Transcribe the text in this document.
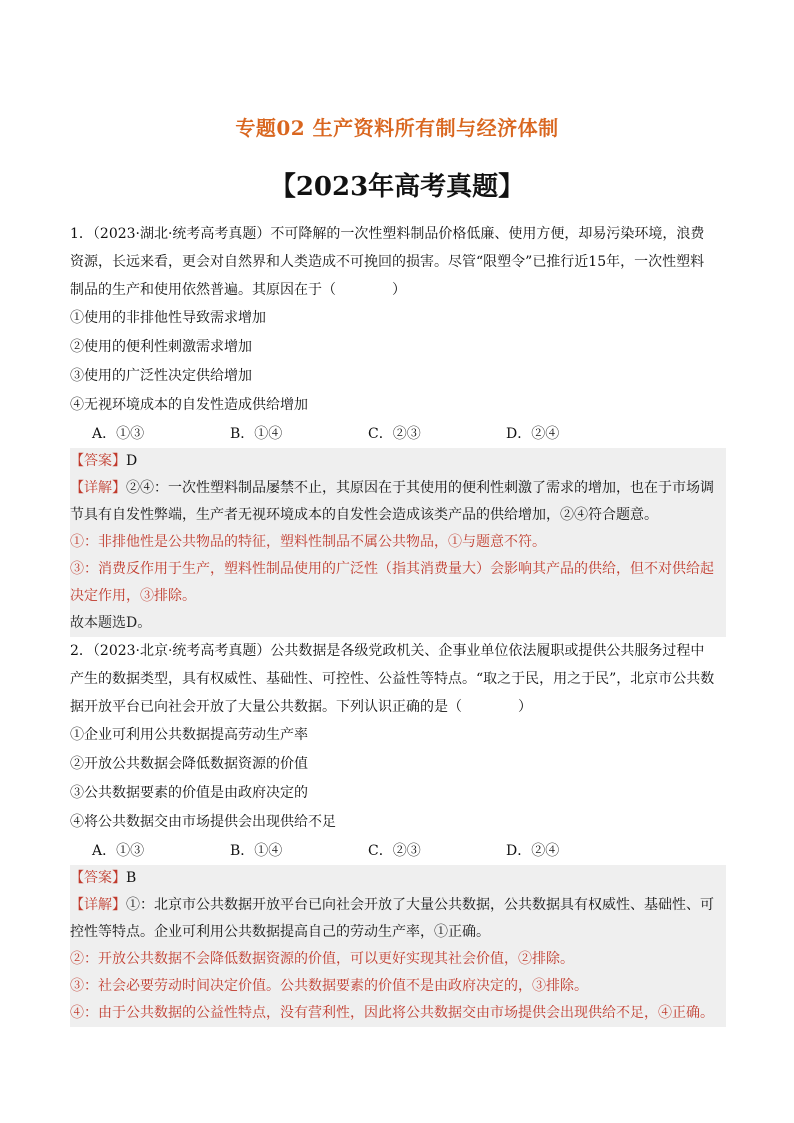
专题02 生产资料所有制与经济体制
【2023年高考真题】

1．（2023·湖北·统考高考真题）不可降解的一次性塑料制品价格低廉、使用方便，却易污染环境，浪费

资源，长远来看，更会对自然界和人类造成不可挽回的损害。尽管“限塑令”已推行近15年，一次性塑料

制品的生产和使用依然普遍。其原因在于（　　　　）

①使用的非排他性导致需求增加

②使用的便利性刺激需求增加

③使用的广泛性决定供给增加

④无视环境成本的自发性造成供给增加

A．①③	B．①④	C．②③	D．②④

【答案】D

【详解】②④：一次性塑料制品屡禁不止，其原因在于其使用的便利性刺激了需求的增加，也在于市场调

节具有自发性弊端，生产者无视环境成本的自发性会造成该类产品的供给增加，②④符合题意。

①：非排他性是公共物品的特征，塑料性制品不属公共物品，①与题意不符。

③：消费反作用于生产，塑料性制品使用的广泛性（指其消费量大）会影响其产品的供给，但不对供给起

决定作用，③排除。

故本题选D。

2．（2023·北京·统考高考真题）公共数据是各级党政机关、企事业单位依法履职或提供公共服务过程中

产生的数据类型，具有权威性、基础性、可控性、公益性等特点。“取之于民，用之于民”，北京市公共数

据开放平台已向社会开放了大量公共数据。下列认识正确的是（　　　　）

①企业可利用公共数据提高劳动生产率

②开放公共数据会降低数据资源的价值

③公共数据要素的价值是由政府决定的

④将公共数据交由市场提供会出现供给不足

A．①③	B．①④	C．②③	D．②④

【答案】B

【详解】①：北京市公共数据开放平台已向社会开放了大量公共数据，公共数据具有权威性、基础性、可

控性等特点。企业可利用公共数据提高自己的劳动生产率，①正确。

②：开放公共数据不会降低数据资源的价值，可以更好实现其社会价值，②排除。

③：社会必要劳动时间决定价值。公共数据要素的价值不是由政府决定的，③排除。

④：由于公共数据的公益性特点，没有营利性，因此将公共数据交由市场提供会出现供给不足，④正确。
